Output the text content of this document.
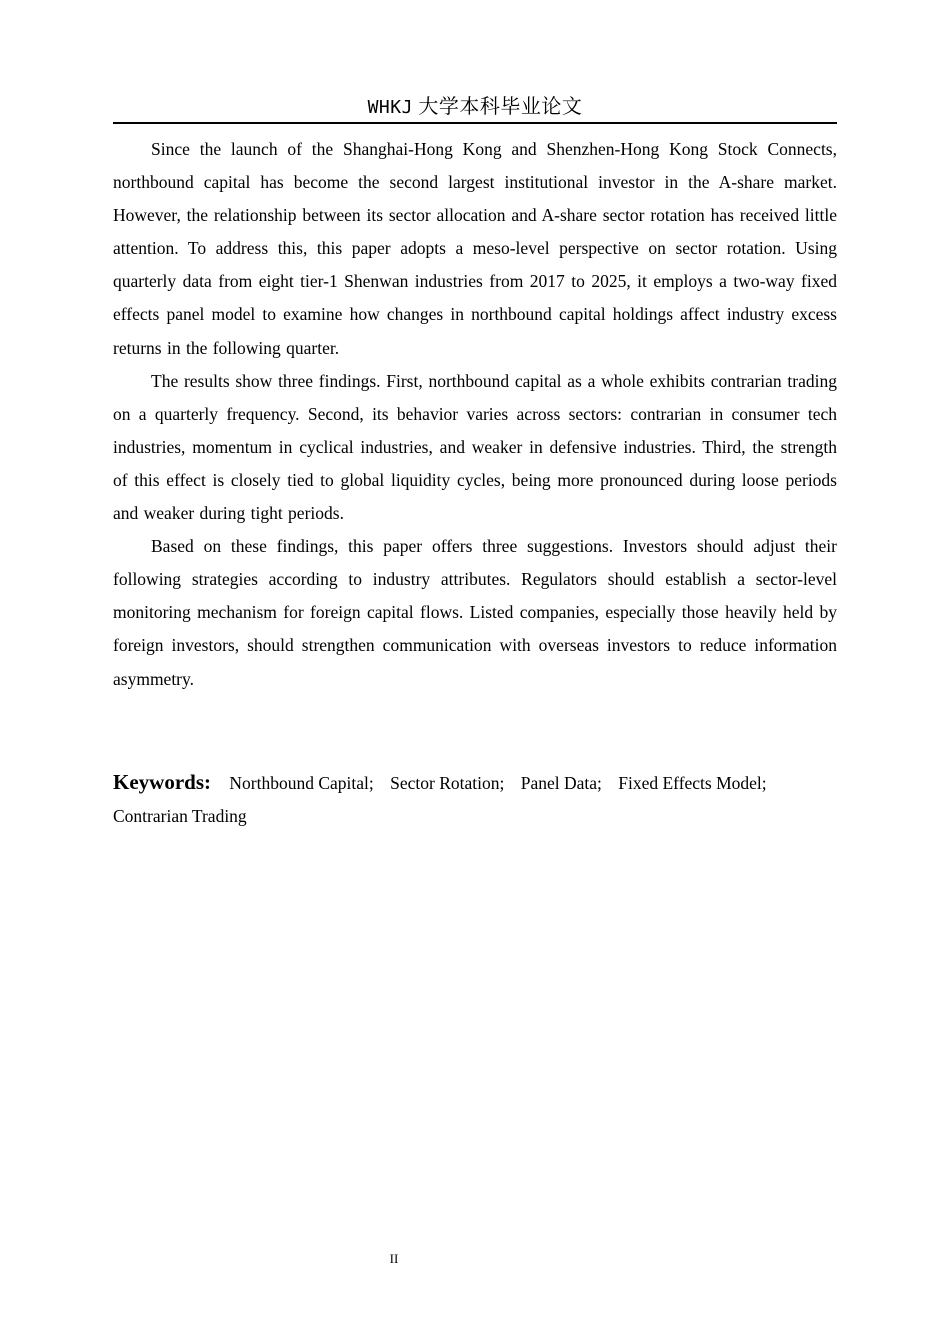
WHKJ 大学本科毕业论文

Since the launch of the Shanghai-Hong Kong and Shenzhen-Hong Kong Stock Connects, northbound capital has become the second largest institutional investor in the A-share market. However, the relationship between its sector allocation and A-share sector rotation has received little attention. To address this, this paper adopts a meso-level perspective on sector rotation. Using quarterly data from eight tier-1 Shenwan industries from 2017 to 2025, it employs a two-way fixed effects panel model to examine how changes in northbound capital holdings affect industry excess returns in the following quarter.

The results show three findings. First, northbound capital as a whole exhibits contrarian trading on a quarterly frequency. Second, its behavior varies across sectors: contrarian in consumer tech industries, momentum in cyclical industries, and weaker in defensive industries. Third, the strength of this effect is closely tied to global liquidity cycles, being more pronounced during loose periods and weaker during tight periods.

Based on these findings, this paper offers three suggestions. Investors should adjust their following strategies according to industry attributes. Regulators should establish a sector-level monitoring mechanism for foreign capital flows. Listed companies, especially those heavily held by foreign investors, should strengthen communication with overseas investors to reduce information asymmetry.

Keywords: Northbound Capital; Sector Rotation; Panel Data; Fixed Effects Model;
Contrarian Trading
II
